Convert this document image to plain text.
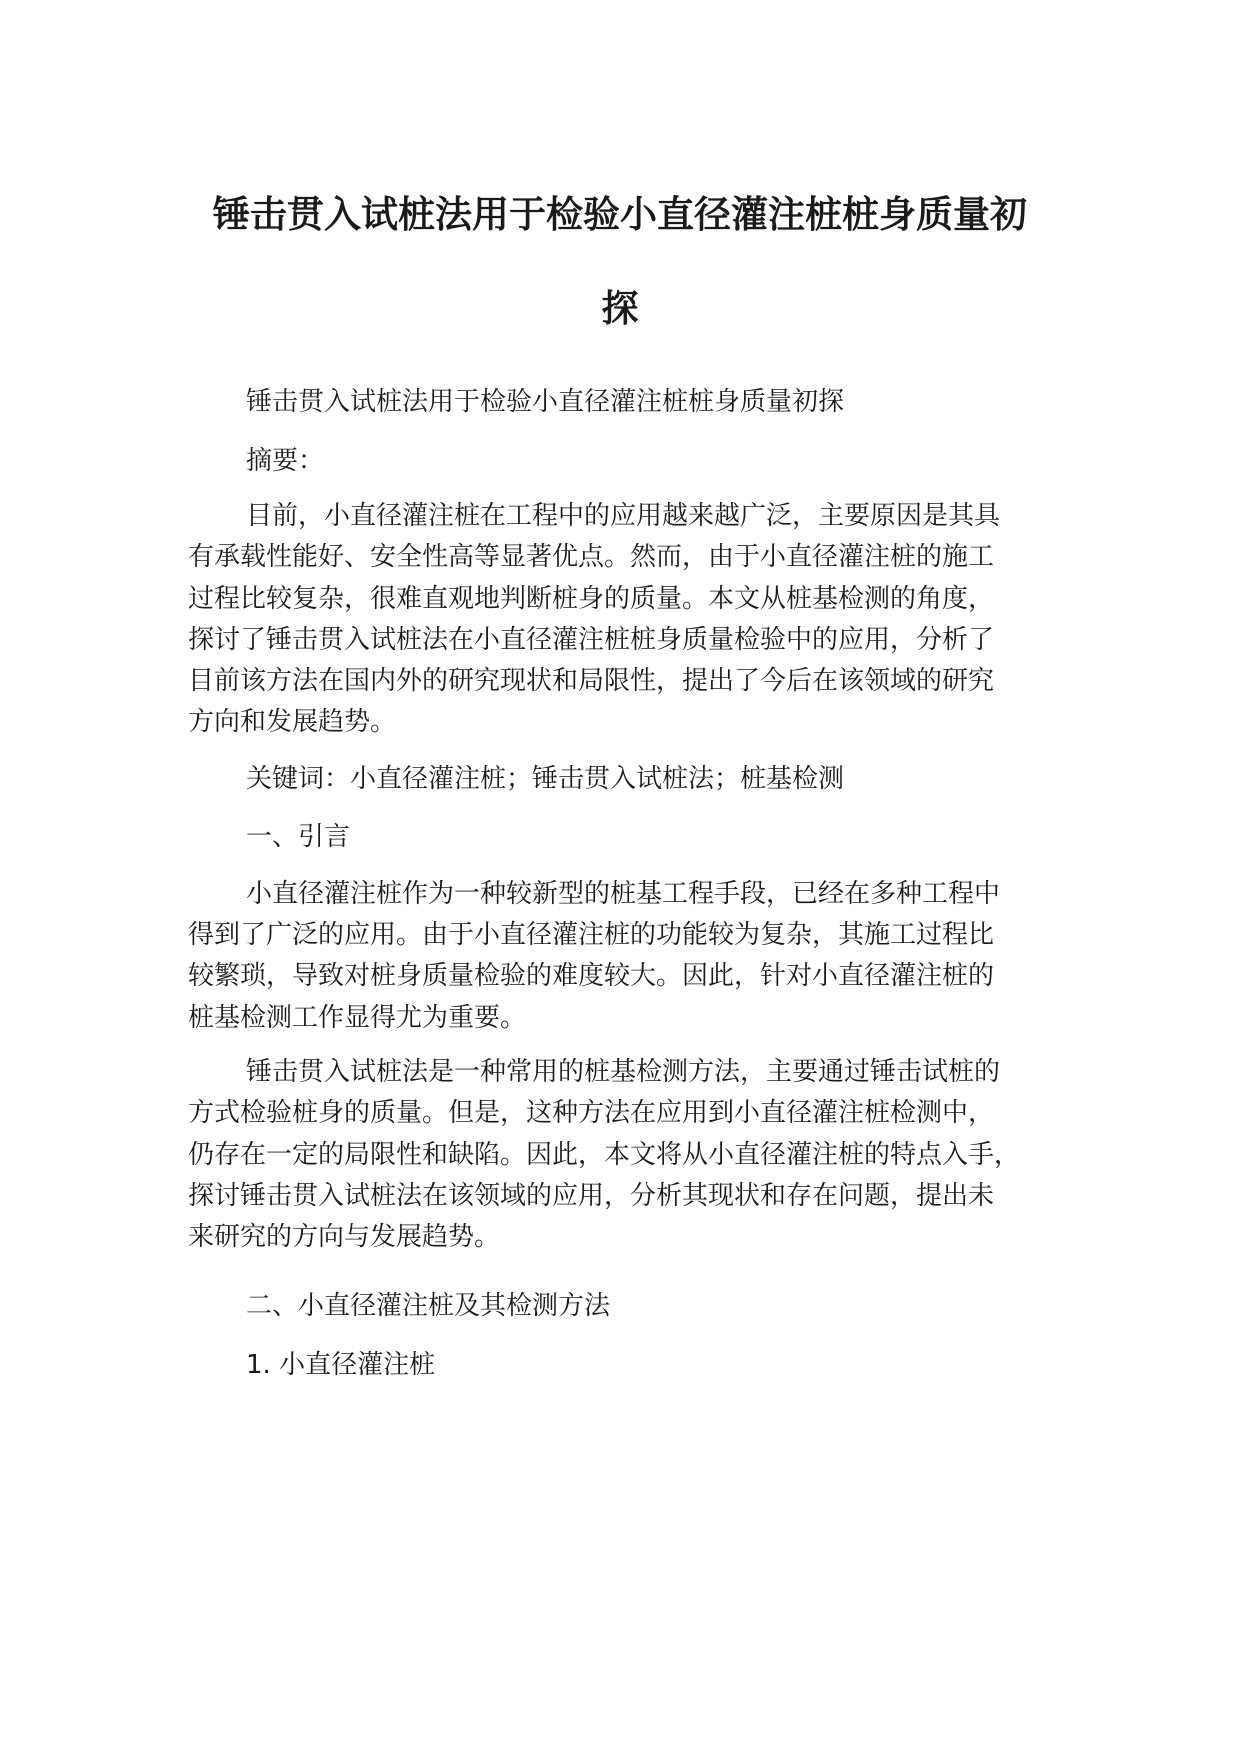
锤击贯入试桩法用于检验小直径灌注桩桩身质量初
探

锤击贯入试桩法用于检验小直径灌注桩桩身质量初探

摘要：

目前，小直径灌注桩在工程中的应用越来越广泛，主要原因是其具
有承载性能好、安全性高等显著优点。然而，由于小直径灌注桩的施工
过程比较复杂，很难直观地判断桩身的质量。本文从桩基检测的角度，
探讨了锤击贯入试桩法在小直径灌注桩桩身质量检验中的应用，分析了
目前该方法在国内外的研究现状和局限性，提出了今后在该领域的研究
方向和发展趋势。

关键词：小直径灌注桩；锤击贯入试桩法；桩基检测

一、引言

小直径灌注桩作为一种较新型的桩基工程手段，已经在多种工程中
得到了广泛的应用。由于小直径灌注桩的功能较为复杂，其施工过程比
较繁琐，导致对桩身质量检验的难度较大。因此，针对小直径灌注桩的
桩基检测工作显得尤为重要。

锤击贯入试桩法是一种常用的桩基检测方法，主要通过锤击试桩的
方式检验桩身的质量。但是，这种方法在应用到小直径灌注桩检测中，
仍存在一定的局限性和缺陷。因此，本文将从小直径灌注桩的特点入手，
探讨锤击贯入试桩法在该领域的应用，分析其现状和存在问题，提出未
来研究的方向与发展趋势。

二、小直径灌注桩及其检测方法

1. 小直径灌注桩
